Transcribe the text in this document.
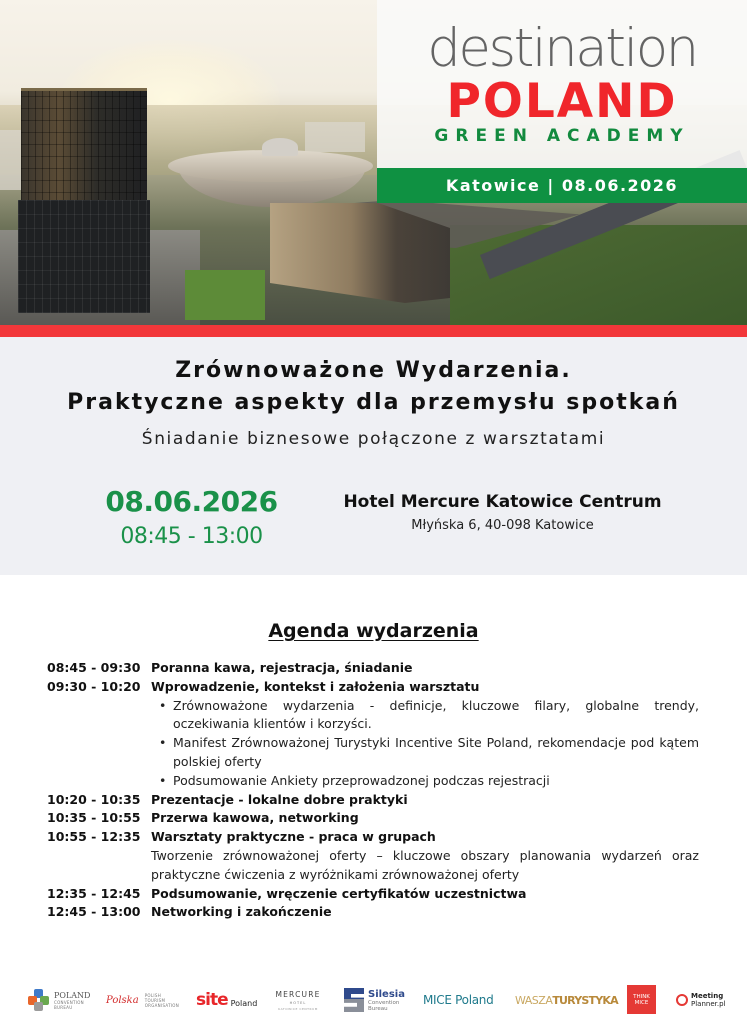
destination
POLAND
GREEN ACADEMY
Katowice | 08.06.2026
Zrównoważone Wydarzenia.
Praktyczne aspekty dla przemysłu spotkań
Śniadanie biznesowe połączone z warsztatami
08.06.2026
08:45 - 13:00
Hotel Mercure Katowice Centrum
Młyńska 6, 40-098 Katowice
Agenda wydarzenia
08:45 - 09:30 Poranna kawa, rejestracja, śniadanie
09:30 - 10:20 Wprowadzenie, kontekst i założenia warsztatu
• Zrównoważone wydarzenia - definicje, kluczowe filary, globalne trendy, oczekiwania klientów i korzyści.
• Manifest Zrównoważonej Turystyki Incentive Site Poland, rekomendacje pod kątem polskiej oferty
• Podsumowanie Ankiety przeprowadzonej podczas rejestracji
10:20 - 10:35 Prezentacje - lokalne dobre praktyki
10:35 - 10:55 Przerwa kawowa, networking
10:55 - 12:35 Warsztaty praktyczne - praca w grupach
Tworzenie zrównoważonej oferty – kluczowe obszary planowania wydarzeń oraz praktyczne ćwiczenia z wyróżnikami zrównoważonej oferty
12:35 - 12:45 Podsumowanie, wręczenie certyfikatów uczestnictwa
12:45 - 13:00 Networking i zakończenie
POLAND
CONVENTION
BUREAU
Polska POLISH
TOURISM
ORGANISATION site Poland
MERCURE
HOTEL
KATOWICE CENTRUM
Silesia
Convention
Bureau
MICE Poland WASZA TURYSTYKA	THINK
MICE
Meeting
Planner.pl
